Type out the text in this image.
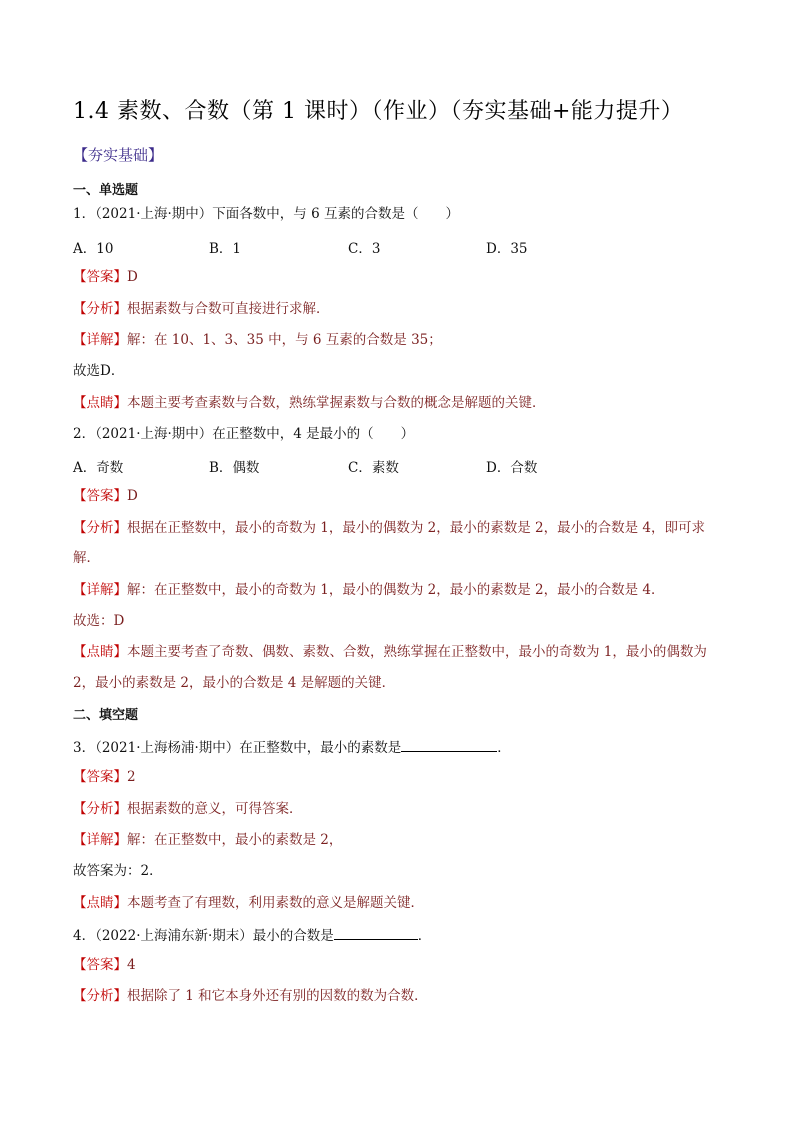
1.4 素数、合数（第 1 课时）（作业）（夯实基础+能力提升）
【夯实基础】
一、单选题
1．（2021·上海·期中）下面各数中，与 6 互素的合数是（　　）
A．10	B．1	C．3	D．35
【答案】D
【分析】根据素数与合数可直接进行求解．
【详解】解：在 10、1、3、35 中，与 6 互素的合数是 35；
故选D．
【点睛】本题主要考查素数与合数，熟练掌握素数与合数的概念是解题的关键．
2．（2021·上海·期中）在正整数中，4 是最小的（　　）
A．奇数	B．偶数	C．素数	D．合数
【答案】D
【分析】根据在正整数中，最小的奇数为 1，最小的偶数为 2，最小的素数是 2，最小的合数是 4，即可求
解．
【详解】解：在正整数中，最小的奇数为 1，最小的偶数为 2，最小的素数是 2，最小的合数是 4．
故选：D
【点睛】本题主要考查了奇数、偶数、素数、合数，熟练掌握在正整数中，最小的奇数为 1，最小的偶数为
2，最小的素数是 2，最小的合数是 4 是解题的关键．
二、填空题
3．（2021·上海杨浦·期中）在正整数中，最小的素数是	．
【答案】2
【分析】根据素数的意义，可得答案．
【详解】解：在正整数中，最小的素数是 2，
故答案为：2．
【点睛】本题考查了有理数，利用素数的意义是解题关键．
4．（2022·上海浦东新·期末）最小的合数是	．
【答案】4
【分析】根据除了 1 和它本身外还有别的因数的数为合数．
